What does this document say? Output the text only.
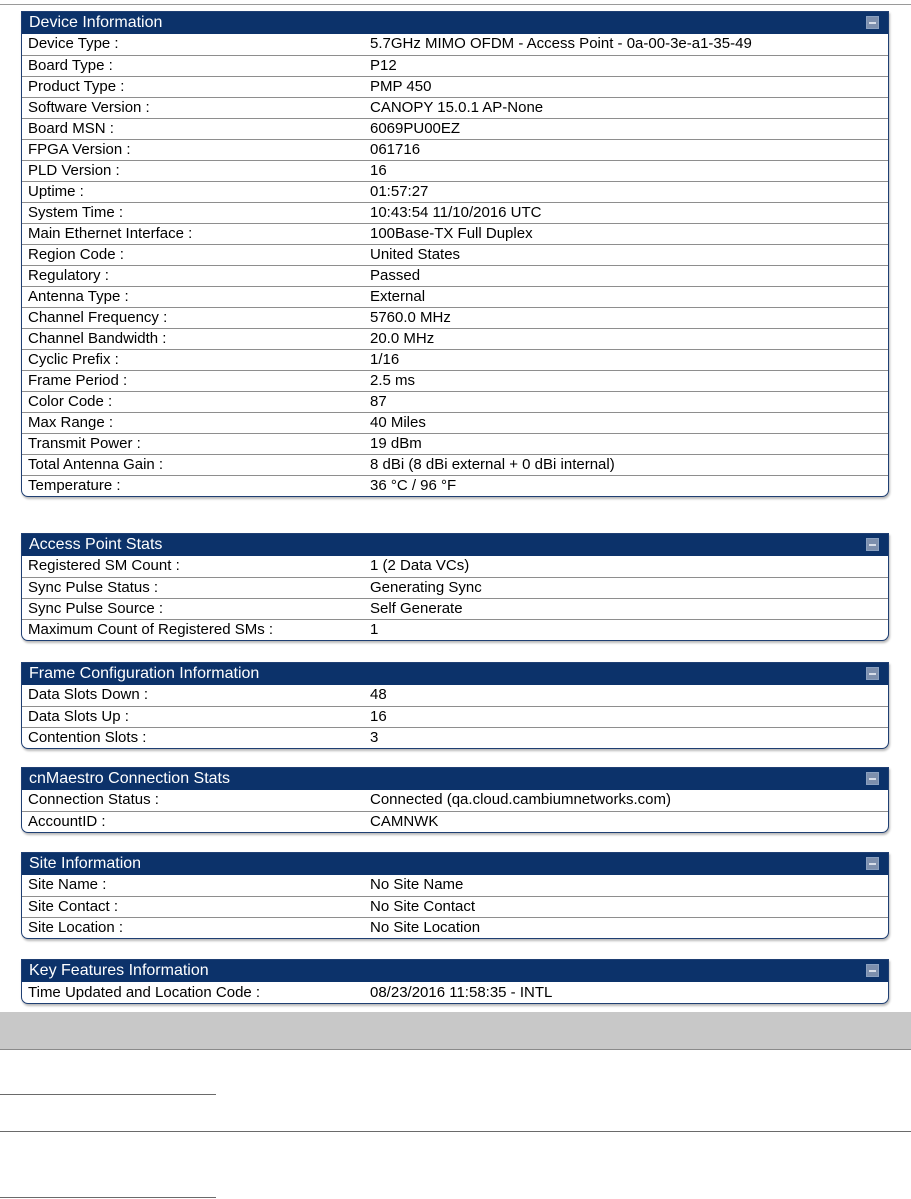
Device Information
Device Type :	5.7GHz MIMO OFDM - Access Point - 0a-00-3e-a1-35-49
Board Type :	P12
Product Type :	PMP 450
Software Version :	CANOPY 15.0.1 AP-None
Board MSN :	6069PU00EZ
FPGA Version :	061716
PLD Version :	16
Uptime :	01:57:27
System Time :	10:43:54 11/10/2016 UTC
Main Ethernet Interface :	100Base-TX Full Duplex
Region Code :	United States
Regulatory :	Passed
Antenna Type :	External
Channel Frequency :	5760.0 MHz
Channel Bandwidth :	20.0 MHz
Cyclic Prefix :	1/16
Frame Period :	2.5 ms
Color Code :	87
Max Range :	40 Miles
Transmit Power :	19 dBm
Total Antenna Gain :	8 dBi (8 dBi external + 0 dBi internal)
Temperature :	36 °C / 96 °F
Access Point Stats
Registered SM Count :	1 (2 Data VCs)
Sync Pulse Status :	Generating Sync
Sync Pulse Source :	Self Generate
Maximum Count of Registered SMs :	1
Frame Configuration Information
Data Slots Down :	48
Data Slots Up :	16
Contention Slots :	3
cnMaestro Connection Stats
Connection Status :	Connected (qa.cloud.cambiumnetworks.com)
AccountID :	CAMNWK
Site Information
Site Name :	No Site Name
Site Contact :	No Site Contact
Site Location :	No Site Location
Key Features Information
Time Updated and Location Code :	08/23/2016 11:58:35 - INTL
